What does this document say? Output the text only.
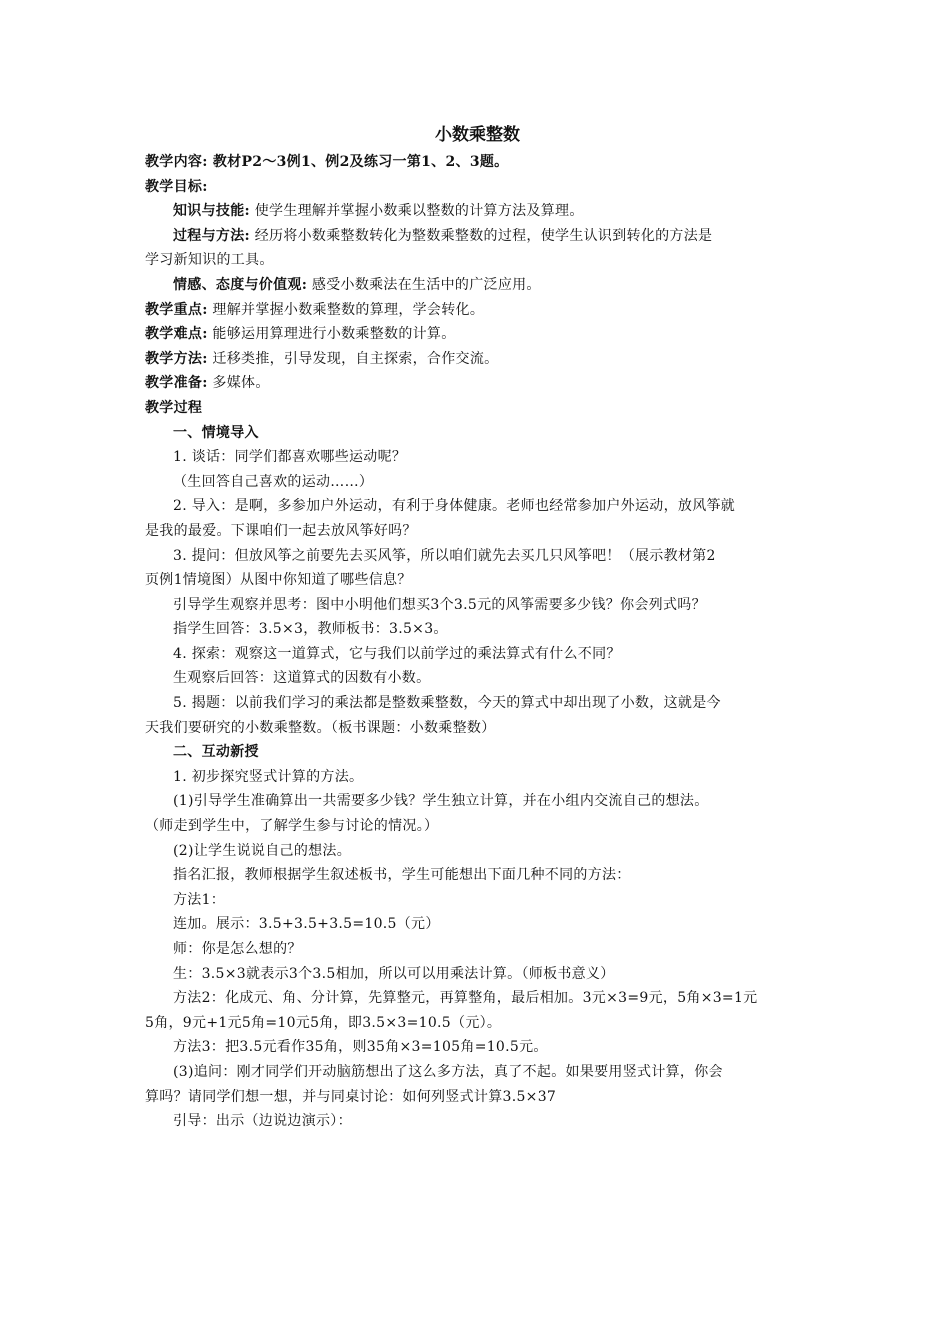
小数乘整数

教学内容: 教材P2～3例1、例2及练习一第1、2、3题。

教学目标:

知识与技能: 使学生理解并掌握小数乘以整数的计算方法及算理。

过程与方法: 经历将小数乘整数转化为整数乘整数的过程，使学生认识到转化的方法是

学习新知识的工具。

情感、态度与价值观: 感受小数乘法在生活中的广泛应用。

教学重点: 理解并掌握小数乘整数的算理，学会转化。

教学难点: 能够运用算理进行小数乘整数的计算。

教学方法: 迁移类推，引导发现，自主探索，合作交流。

教学准备: 多媒体。

教学过程

一、情境导入

1. 谈话：同学们都喜欢哪些运动呢？

（生回答自己喜欢的运动……）

2. 导入：是啊，多参加户外运动，有利于身体健康。老师也经常参加户外运动，放风筝就

是我的最爱。下课咱们一起去放风筝好吗？

3. 提问：但放风筝之前要先去买风筝，所以咱们就先去买几只风筝吧！（展示教材第2

页例1情境图）从图中你知道了哪些信息？

引导学生观察并思考：图中小明他们想买3个3.5元的风筝需要多少钱？你会列式吗？

指学生回答：3.5×3，教师板书：3.5×3。

4. 探索：观察这一道算式，它与我们以前学过的乘法算式有什么不同？

生观察后回答：这道算式的因数有小数。

5. 揭题：以前我们学习的乘法都是整数乘整数，今天的算式中却出现了小数，这就是今

天我们要研究的小数乘整数。（板书课题：小数乘整数）

二、互动新授

1. 初步探究竖式计算的方法。

(1)引导学生准确算出一共需要多少钱？学生独立计算，并在小组内交流自己的想法。

（师走到学生中，了解学生参与讨论的情况。）

(2)让学生说说自己的想法。

指名汇报，教师根据学生叙述板书，学生可能想出下面几种不同的方法：

方法1：

连加。展示：3.5+3.5+3.5=10.5（元）

师：你是怎么想的？

生：3.5×3就表示3个3.5相加，所以可以用乘法计算。（师板书意义）

方法2：化成元、角、分计算，先算整元，再算整角，最后相加。3元×3=9元，5角×3=1元

5角，9元+1元5角=10元5角，即3.5×3=10.5（元）。

方法3：把3.5元看作35角，则35角×3=105角=10.5元。

(3)追问：刚才同学们开动脑筋想出了这么多方法，真了不起。如果要用竖式计算，你会

算吗？请同学们想一想，并与同桌讨论：如何列竖式计算3.5×37

引导：出示（边说边演示）：
